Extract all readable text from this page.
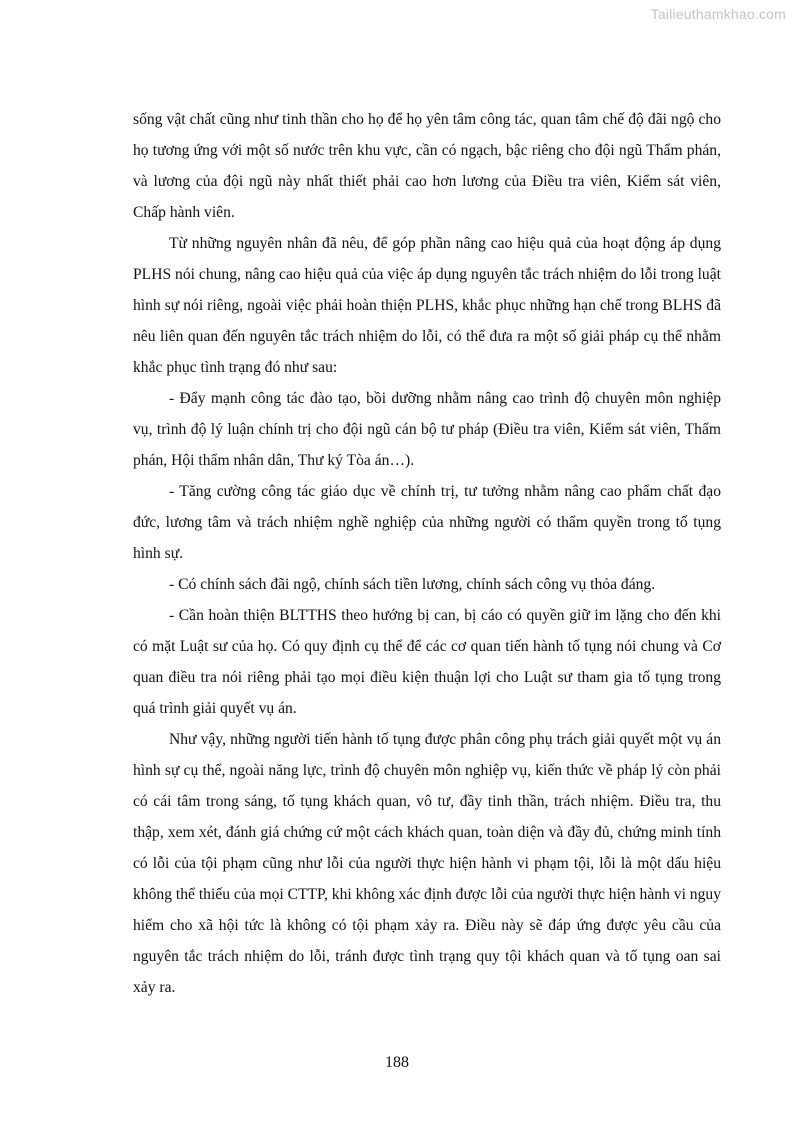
Tailieuthamkhao.com

sống vật chất cũng như tinh thần cho họ để họ yên tâm công tác, quan tâm chế độ đãi ngộ cho họ tương ứng với một số nước trên khu vực, cần có ngạch, bậc riêng cho đội ngũ Thẩm phán, và lương của đội ngũ này nhất thiết phải cao hơn lương của Điều tra viên, Kiểm sát viên, Chấp hành viên.

Từ những nguyên nhân đã nêu, để góp phần nâng cao hiệu quả của hoạt động áp dụng PLHS nói chung, nâng cao hiệu quả của việc áp dụng nguyên tắc trách nhiệm do lỗi trong luật hình sự nói riêng, ngoài việc phải hoàn thiện PLHS, khắc phục những hạn chế trong BLHS đã nêu liên quan đến nguyên tắc trách nhiệm do lỗi, có thể đưa ra một số giải pháp cụ thể nhằm khắc phục tình trạng đó như sau:

- Đẩy mạnh công tác đào tạo, bồi dưỡng nhằm nâng cao trình độ chuyên môn nghiệp vụ, trình độ lý luận chính trị cho đội ngũ cán bộ tư pháp (Điều tra viên, Kiểm sát viên, Thẩm phán, Hội thẩm nhân dân, Thư ký Tòa án…).

- Tăng cường công tác giáo dục về chính trị, tư tưởng nhằm nâng cao phẩm chất đạo đức, lương tâm và trách nhiệm nghề nghiệp của những người có thẩm quyền trong tố tụng hình sự.

- Có chính sách đãi ngộ, chính sách tiền lương, chính sách công vụ thỏa đáng.

- Cần hoàn thiện BLTTHS theo hướng bị can, bị cáo có quyền giữ im lặng cho đến khi có mặt Luật sư của họ. Có quy định cụ thể để các cơ quan tiến hành tố tụng nói chung và Cơ quan điều tra nói riêng phải tạo mọi điều kiện thuận lợi cho Luật sư tham gia tố tụng trong quá trình giải quyết vụ án.

Như vậy, những người tiến hành tố tụng được phân công phụ trách giải quyết một vụ án hình sự cụ thể, ngoài năng lực, trình độ chuyên môn nghiệp vụ, kiến thức về pháp lý còn phải có cái tâm trong sáng, tố tụng khách quan, vô tư, đầy tinh thần, trách nhiệm. Điều tra, thu thập, xem xét, đánh giá chứng cứ một cách khách quan, toàn diện và đầy đủ, chứng minh tính có lỗi của tội phạm cũng như lỗi của người thực hiện hành vi phạm tội, lỗi là một dấu hiệu không thể thiếu của mọi CTTP, khi không xác định được lỗi của người thực hiện hành vi nguy hiểm cho xã hội tức là không có tội phạm xảy ra. Điều này sẽ đáp ứng được yêu cầu của nguyên tắc trách nhiệm do lỗi, tránh được tình trạng quy tội khách quan và tố tụng oan sai xảy ra.

188
